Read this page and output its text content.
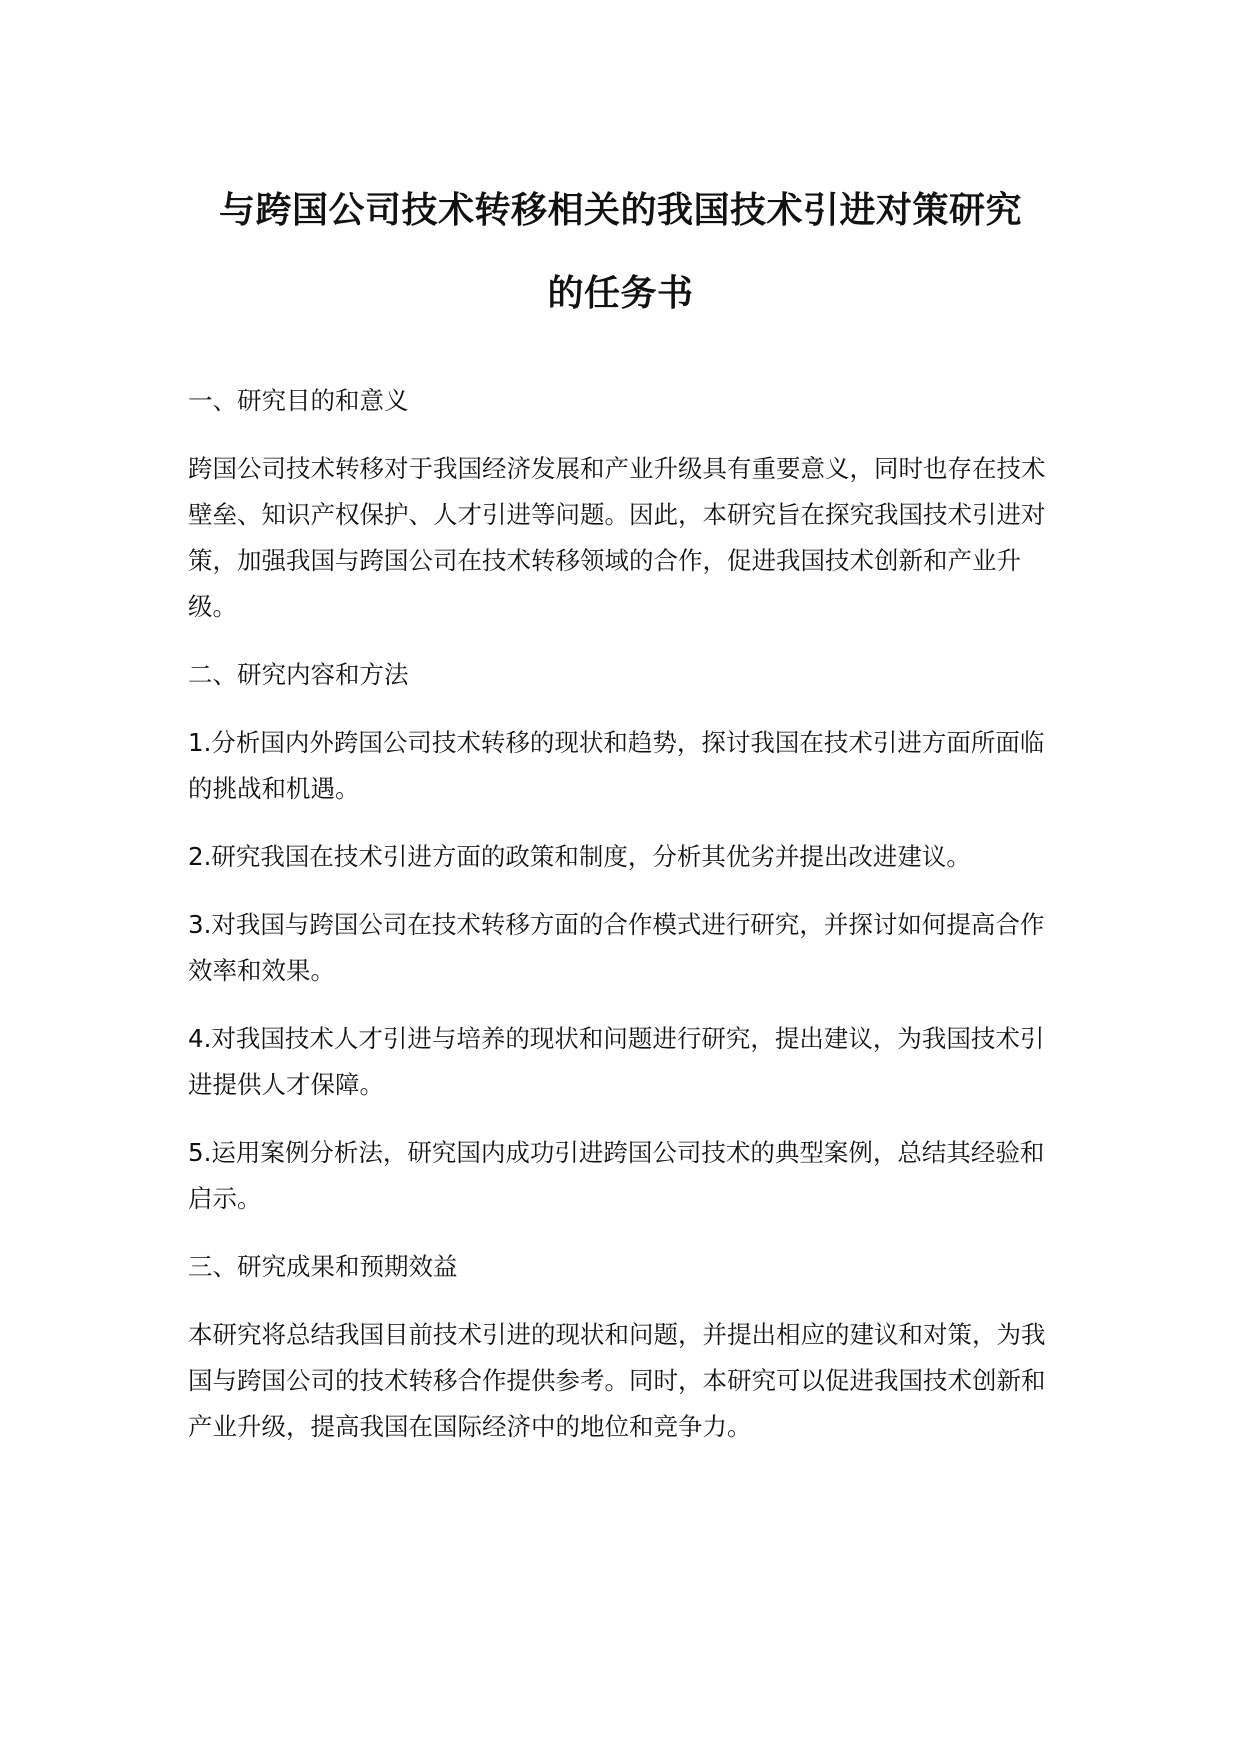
与跨国公司技术转移相关的我国技术引进对策研究
的任务书

一、研究目的和意义

跨国公司技术转移对于我国经济发展和产业升级具有重要意义，同时也存在技术壁垒、知识产权保护、人才引进等问题。因此，本研究旨在探究我国技术引进对策，加强我国与跨国公司在技术转移领域的合作，促进我国技术创新和产业升级。

二、研究内容和方法

1.分析国内外跨国公司技术转移的现状和趋势，探讨我国在技术引进方面所面临的挑战和机遇。

2.研究我国在技术引进方面的政策和制度，分析其优劣并提出改进建议。

3.对我国与跨国公司在技术转移方面的合作模式进行研究，并探讨如何提高合作效率和效果。

4.对我国技术人才引进与培养的现状和问题进行研究，提出建议，为我国技术引进提供人才保障。

5.运用案例分析法，研究国内成功引进跨国公司技术的典型案例，总结其经验和启示。

三、研究成果和预期效益

本研究将总结我国目前技术引进的现状和问题，并提出相应的建议和对策，为我国与跨国公司的技术转移合作提供参考。同时，本研究可以促进我国技术创新和产业升级，提高我国在国际经济中的地位和竞争力。
